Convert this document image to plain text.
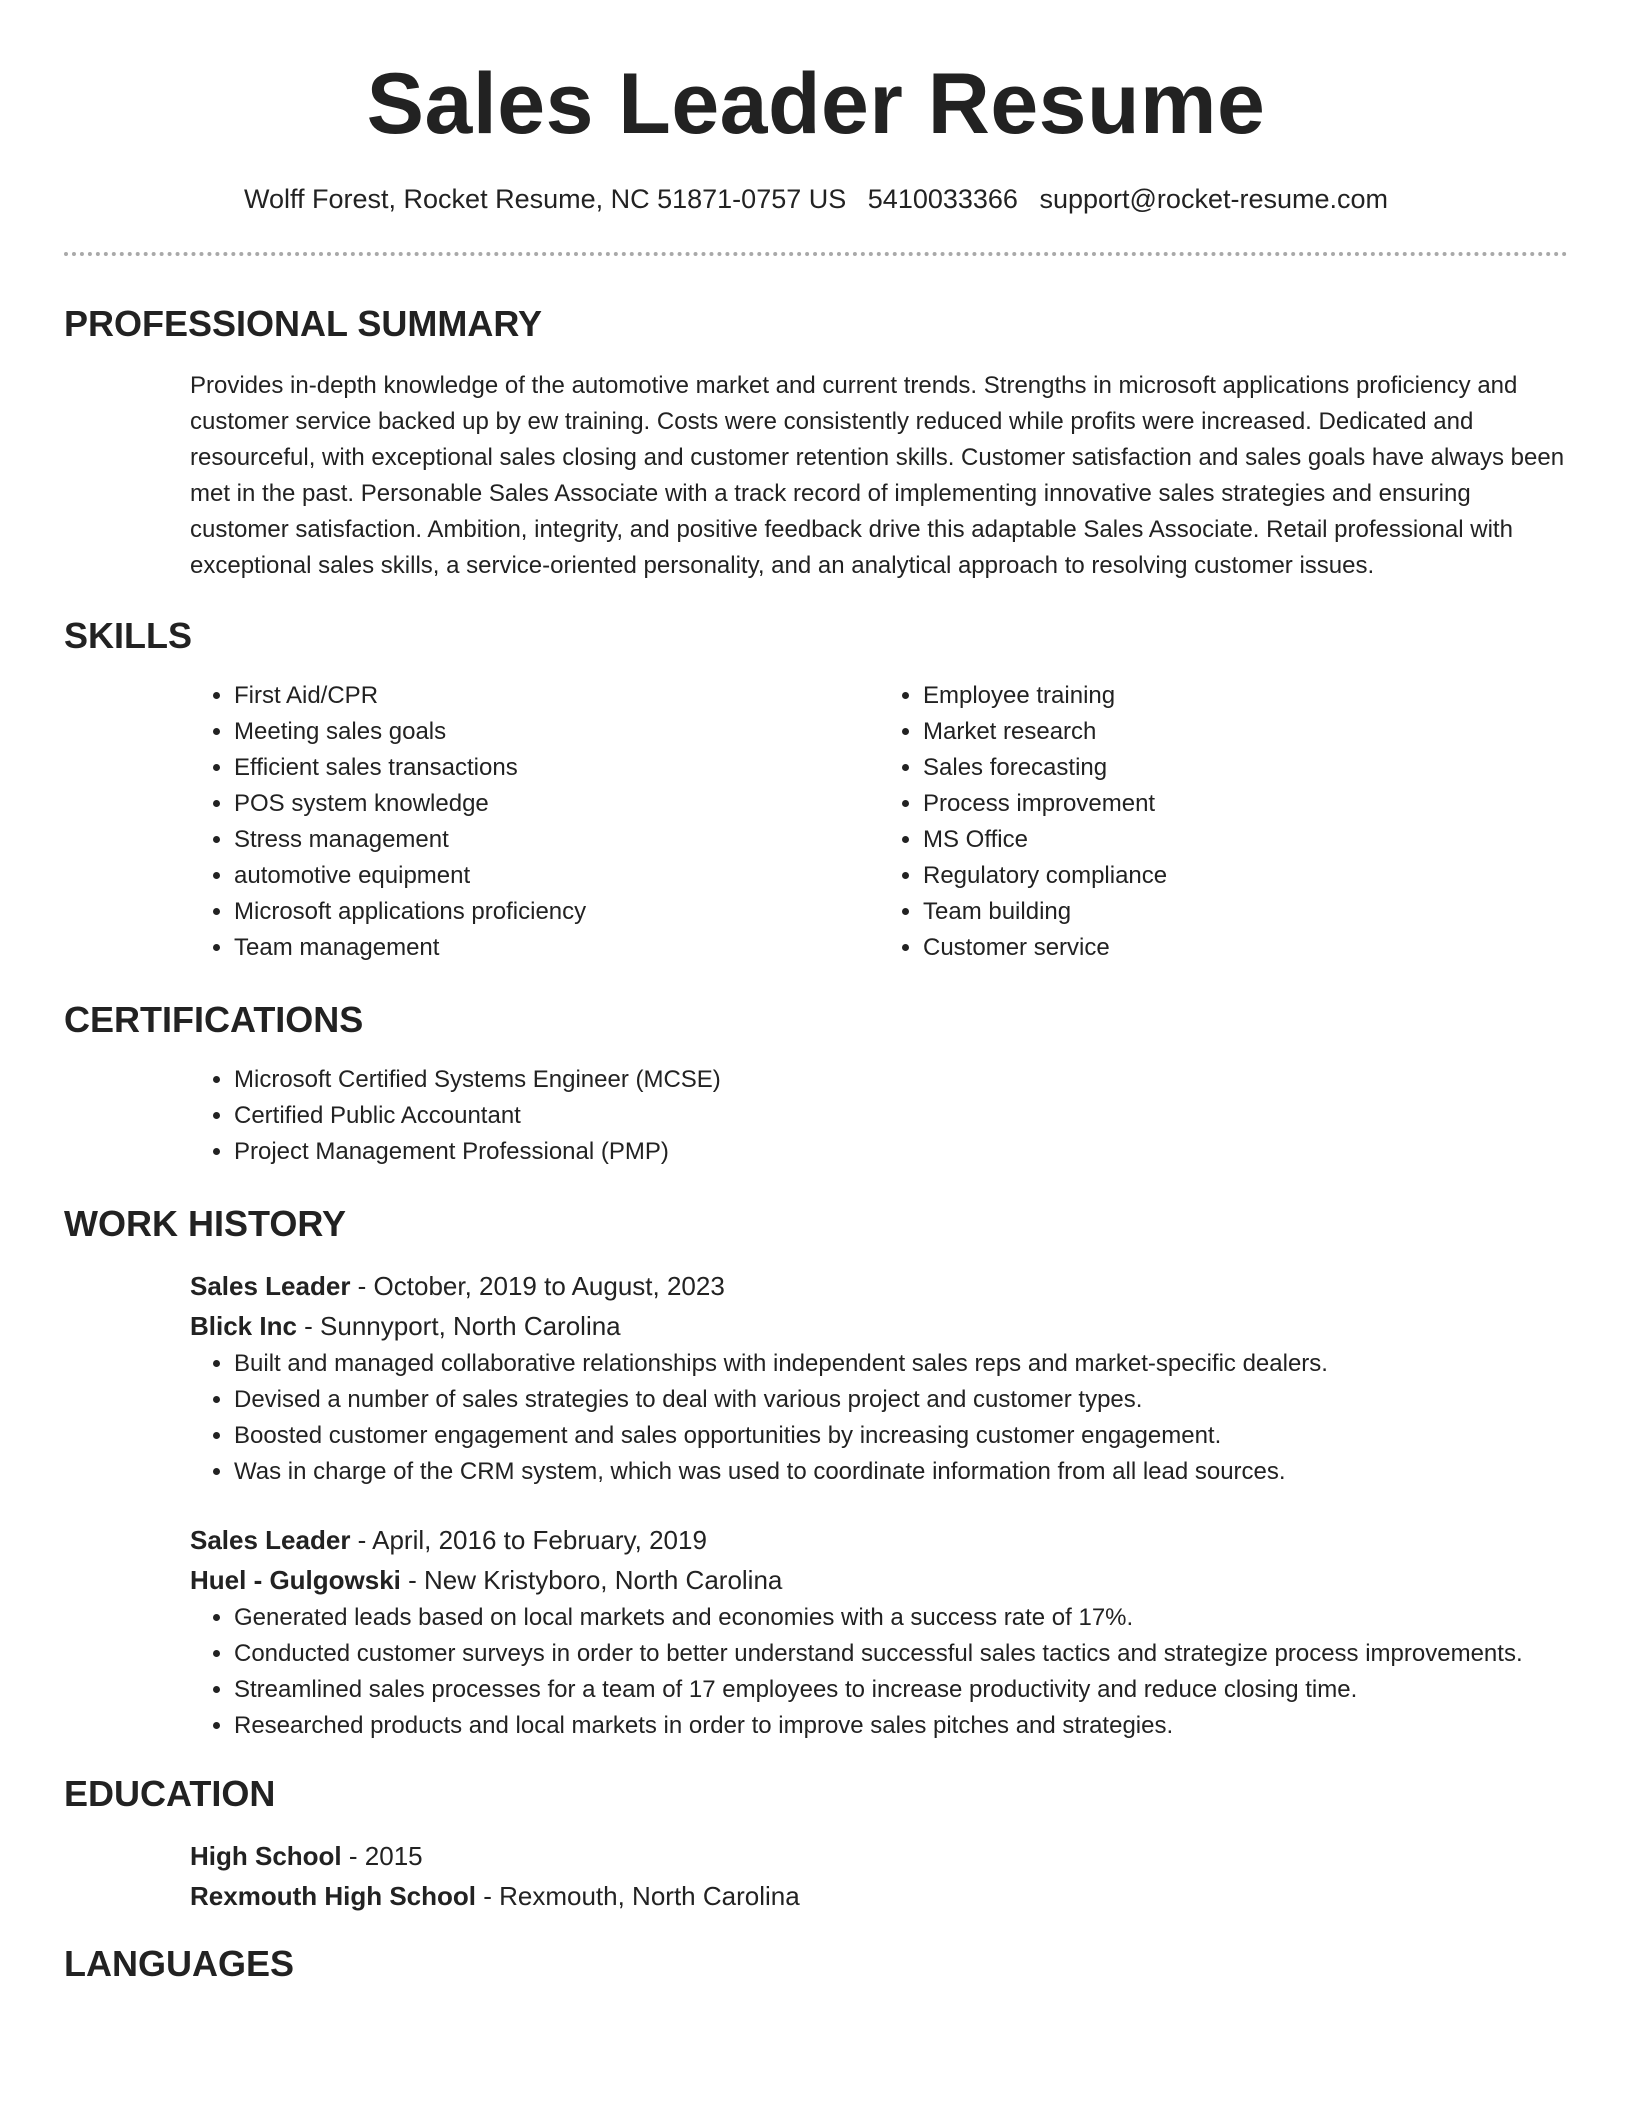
Sales Leader Resume
Wolff Forest, Rocket Resume, NC 51871-0757 US 5410033366 support@rocket-resume.com
PROFESSIONAL SUMMARY
Provides in-depth knowledge of the automotive market and current trends. Strengths in microsoft applications proficiency and customer service backed up by ew training. Costs were consistently reduced while profits were increased. Dedicated and resourceful, with exceptional sales closing and customer retention skills. Customer satisfaction and sales goals have always been met in the past. Personable Sales Associate with a track record of implementing innovative sales strategies and ensuring customer satisfaction. Ambition, integrity, and positive feedback drive this adaptable Sales Associate. Retail professional with exceptional sales skills, a service-oriented personality, and an analytical approach to resolving customer issues.
SKILLS
• First Aid/CPR
• Meeting sales goals
• Efficient sales transactions
• POS system knowledge
• Stress management
• automotive equipment
• Microsoft applications proficiency
• Team management
• Employee training
• Market research
• Sales forecasting
• Process improvement
• MS Office
• Regulatory compliance
• Team building
• Customer service
CERTIFICATIONS
• Microsoft Certified Systems Engineer (MCSE)
• Certified Public Accountant
• Project Management Professional (PMP)
WORK HISTORY
Sales Leader - October, 2019 to August, 2023
Blick Inc - Sunnyport, North Carolina
• Built and managed collaborative relationships with independent sales reps and market-specific dealers.
• Devised a number of sales strategies to deal with various project and customer types.
• Boosted customer engagement and sales opportunities by increasing customer engagement.
• Was in charge of the CRM system, which was used to coordinate information from all lead sources.
Sales Leader - April, 2016 to February, 2019
Huel - Gulgowski - New Kristyboro, North Carolina
• Generated leads based on local markets and economies with a success rate of 17%.
• Conducted customer surveys in order to better understand successful sales tactics and strategize process improvements.
• Streamlined sales processes for a team of 17 employees to increase productivity and reduce closing time.
• Researched products and local markets in order to improve sales pitches and strategies.
EDUCATION
High School - 2015
Rexmouth High School - Rexmouth, North Carolina
LANGUAGES
